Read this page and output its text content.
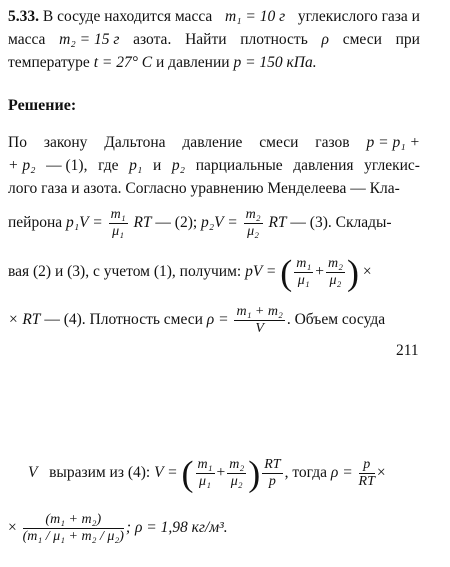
5.33. В сосуде находится масса m₁ = 10 г углекислого газа и
масса m₂ = 15 г азота. Найти плотность ρ смеси при
температуре t = 27° С и давлении p = 150 кПа.
Решение:
По закону Дальтона давление смеси газов p = p₁ +
+ p₂ — (1), где p₁ и p₂ парциальные давления углекис-
лого газа и азота. Согласно уравнению Менделеева — Кла-
пейрона $p_1V = \frac{\text{m₁}}{\text{μ₁}}$ RT — (2); $p_2V = \frac{\text{m₂}}{\text{μ₂}}$ RT — (3). Склады-
вая (2) и (3), с учетом (1), получим: pV = ( $\frac{\text{m₁}}{\text{μ₁}} + \frac{\text{m₂}}{\text{μ₂}}$ ) ×
× RT — (4). Плотность смеси $\rho = \frac{\text{m₁ + m₂}}{V}$ . Объем сосуда
211
V выразим из (4): V = ( $\frac{\text{m₁}}{\text{μ₁}} + \frac{\text{m₂}}{\text{μ₂}}$ ) $\frac{RT}{p}$ , тогда $\rho = \frac{p}{RT}$ ×
× $\frac{\text{(m₁ + m₂)}}{\text{(m₁ / μ₁ + m₂ / μ₂)}}$ ; ρ = 1,98 кг/м³.
